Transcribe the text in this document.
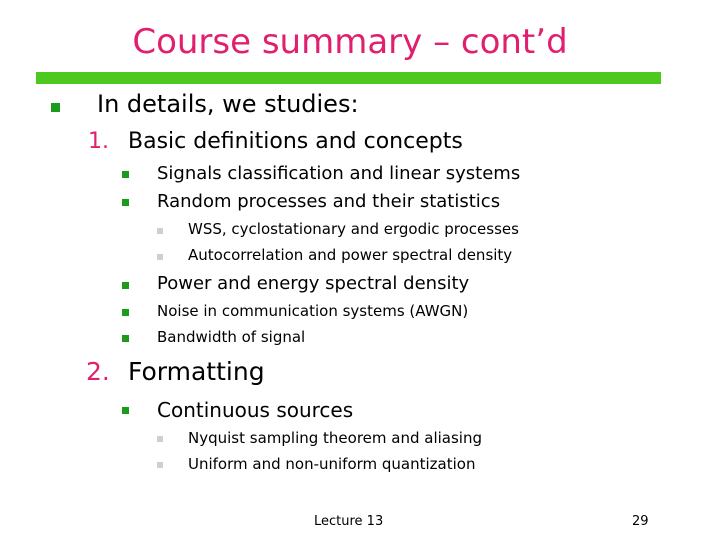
Course summary – cont’d
In details, we studies:
1. Basic definitions and concepts
Signals classification and linear systems
Random processes and their statistics
WSS, cyclostationary and ergodic processes
Autocorrelation and power spectral density
Power and energy spectral density
Noise in communication systems (AWGN)
Bandwidth of signal
2. Formatting
Continuous sources
Nyquist sampling theorem and aliasing
Uniform and non-uniform quantization
Lecture 13	29
